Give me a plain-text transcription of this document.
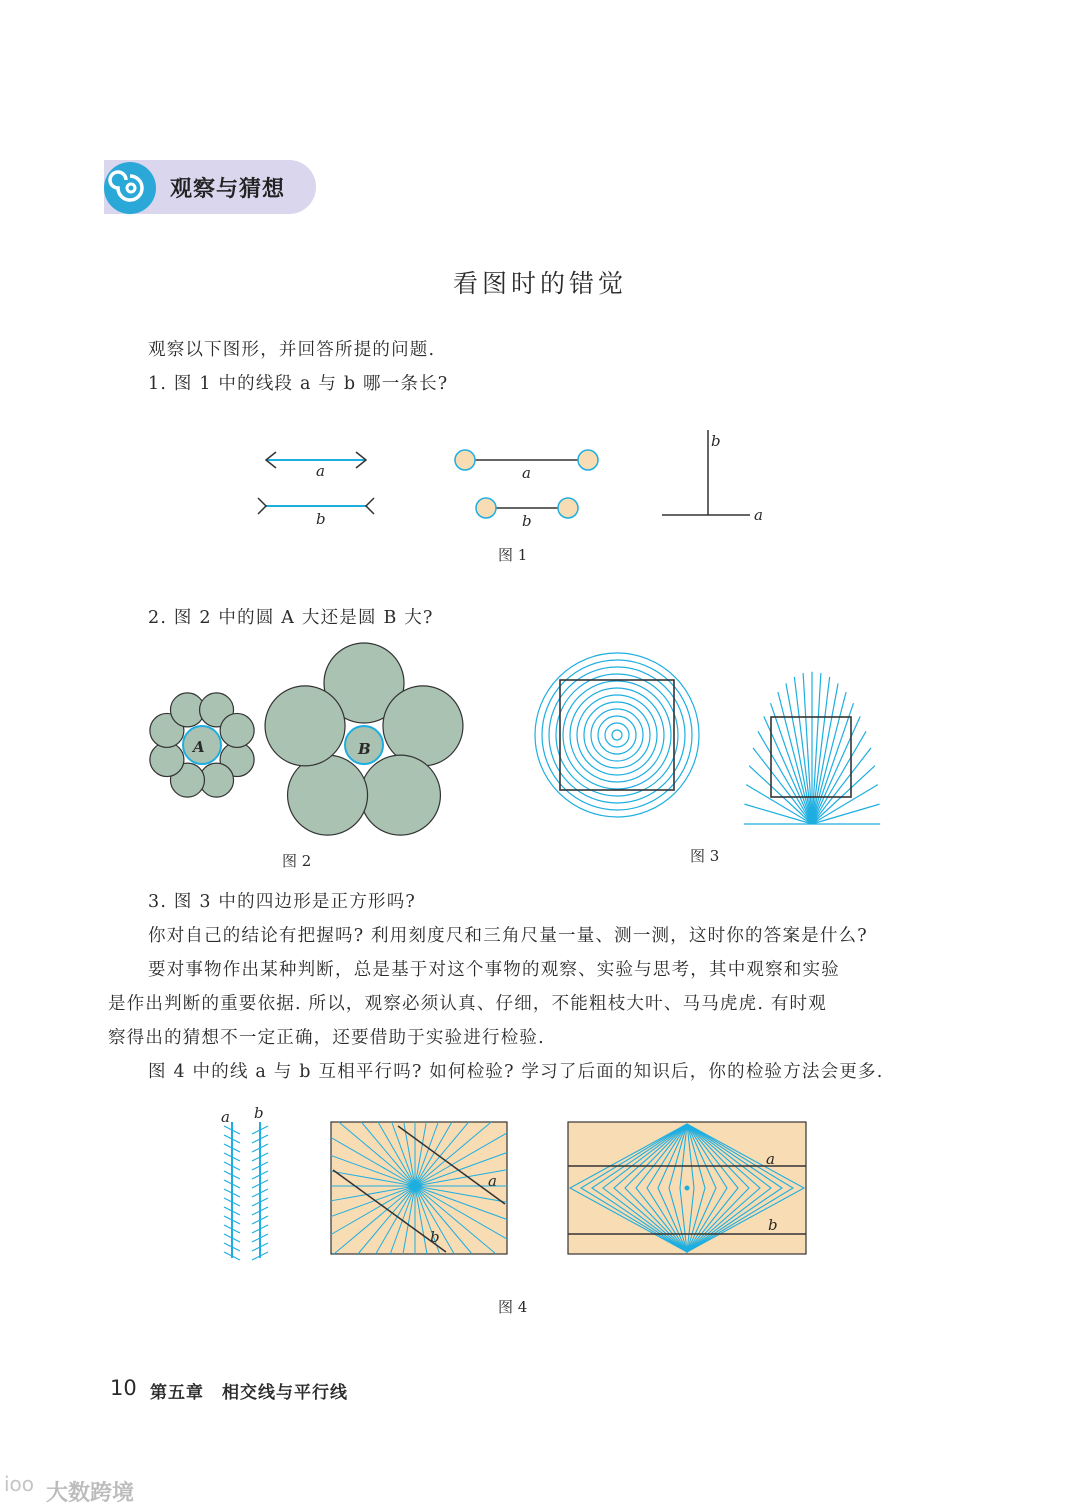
观察与猜想
看图时的错觉
观察以下图形，并回答所提的问题.
1. 图 1 中的线段 a 与 b 哪一条长?
a
b
a
b
b
a
图 1
2. 图 2 中的圆 A 大还是圆 B 大?
A	B
图 2	图 3
3. 图 3 中的四边形是正方形吗?
你对自己的结论有把握吗? 利用刻度尺和三角尺量一量、测一测，这时你的答案是什么?
要对事物作出某种判断，总是基于对这个事物的观察、实验与思考，其中观察和实验
是作出判断的重要依据. 所以，观察必须认真、仔细，不能粗枝大叶、马马虎虎. 有时观
察得出的猜想不一定正确，还要借助于实验进行检验.
图 4 中的线 a 与 b 互相平行吗? 如何检验? 学习了后面的知识后，你的检验方法会更多.
a b
a
b
a
b
图 4
10 第五章　相交线与平行线
ioo 大数跨境
